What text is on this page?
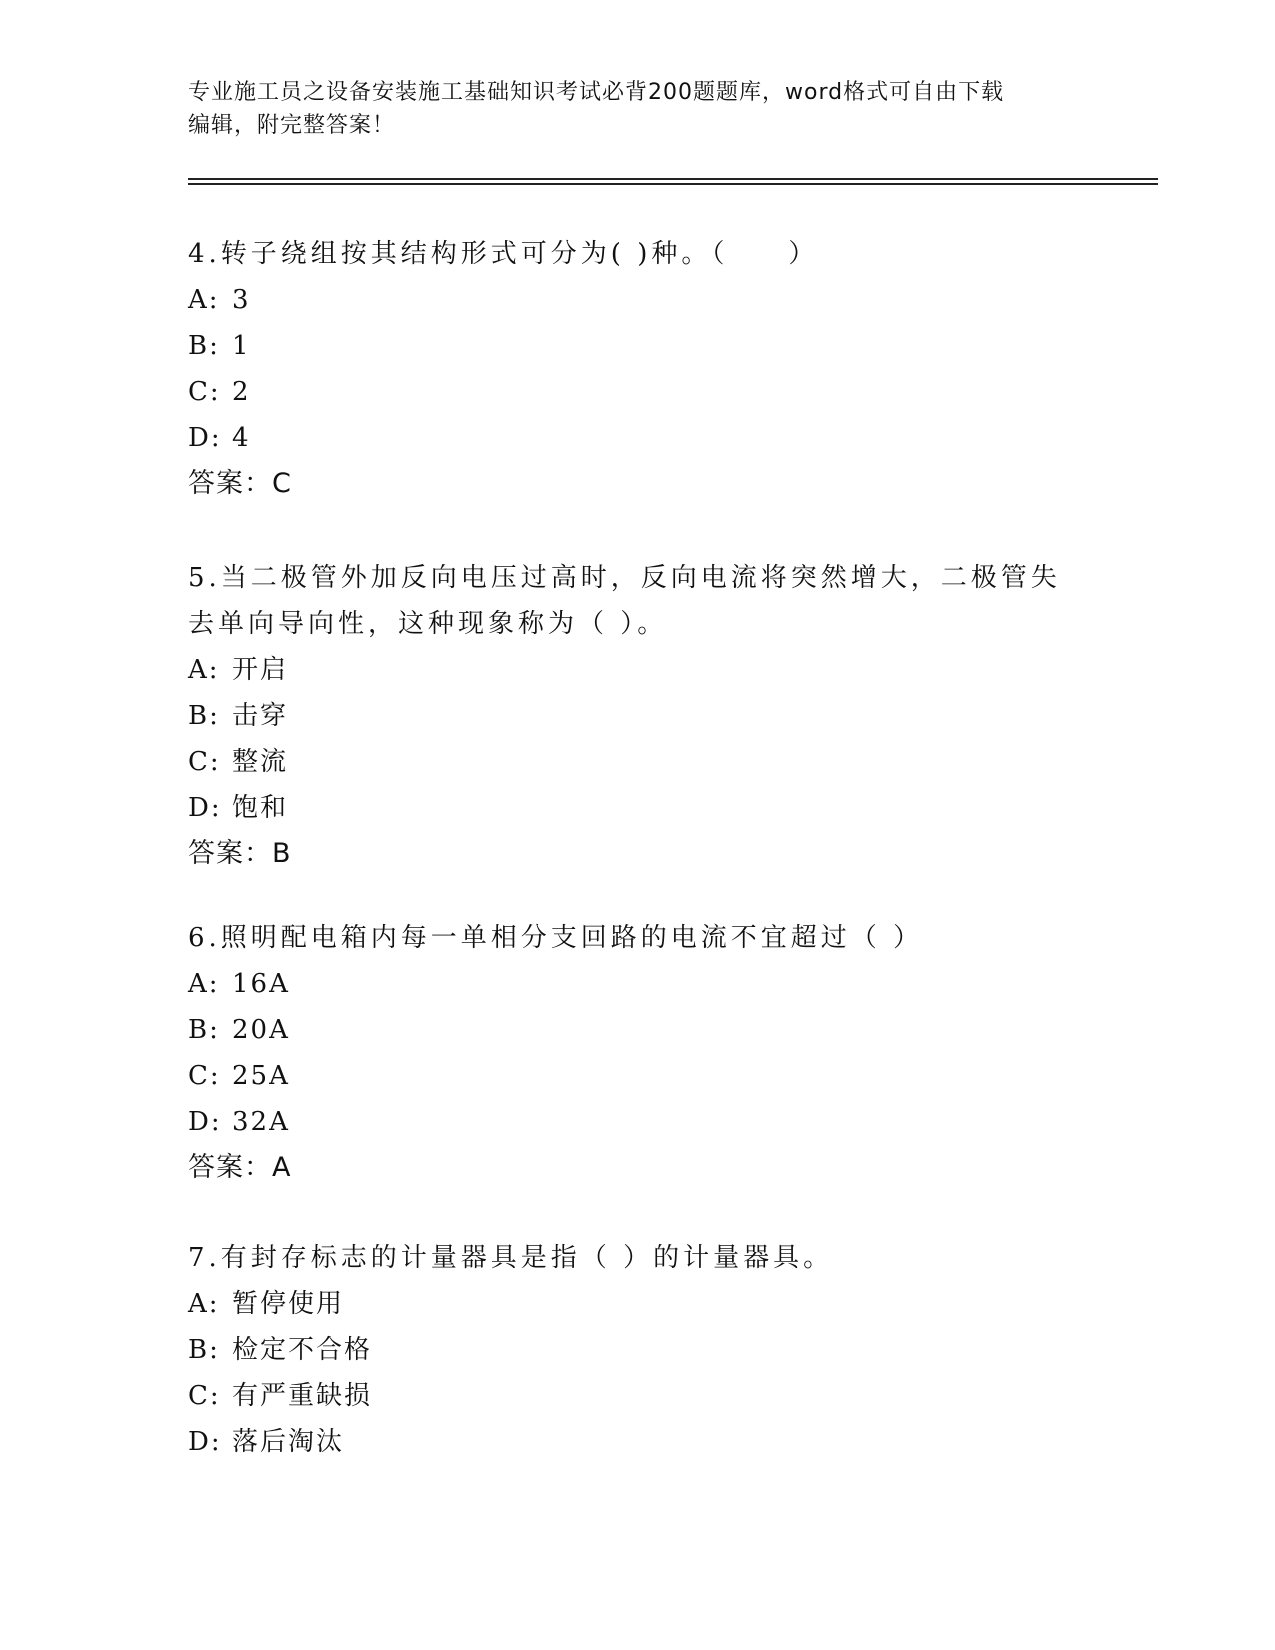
专业施工员之设备安装施工基础知识考试必背200题题库，word格式可自由下载
编辑，附完整答案！

4.转子绕组按其结构形式可分为( )种。（　　）

A: 3
B: 1
C: 2
D: 4
答案：C

5.当二极管外加反向电压过高时，反向电流将突然增大，二极管失去单向导向性，这种现象称为（ ）。

A: 开启
B: 击穿
C: 整流
D: 饱和
答案：B

6.照明配电箱内每一单相分支回路的电流不宜超过（ ）

A: 16A
B: 20A
C: 25A
D: 32A
答案：A

7.有封存标志的计量器具是指（ ）的计量器具。

A: 暂停使用
B: 检定不合格
C: 有严重缺损
D: 落后淘汰
